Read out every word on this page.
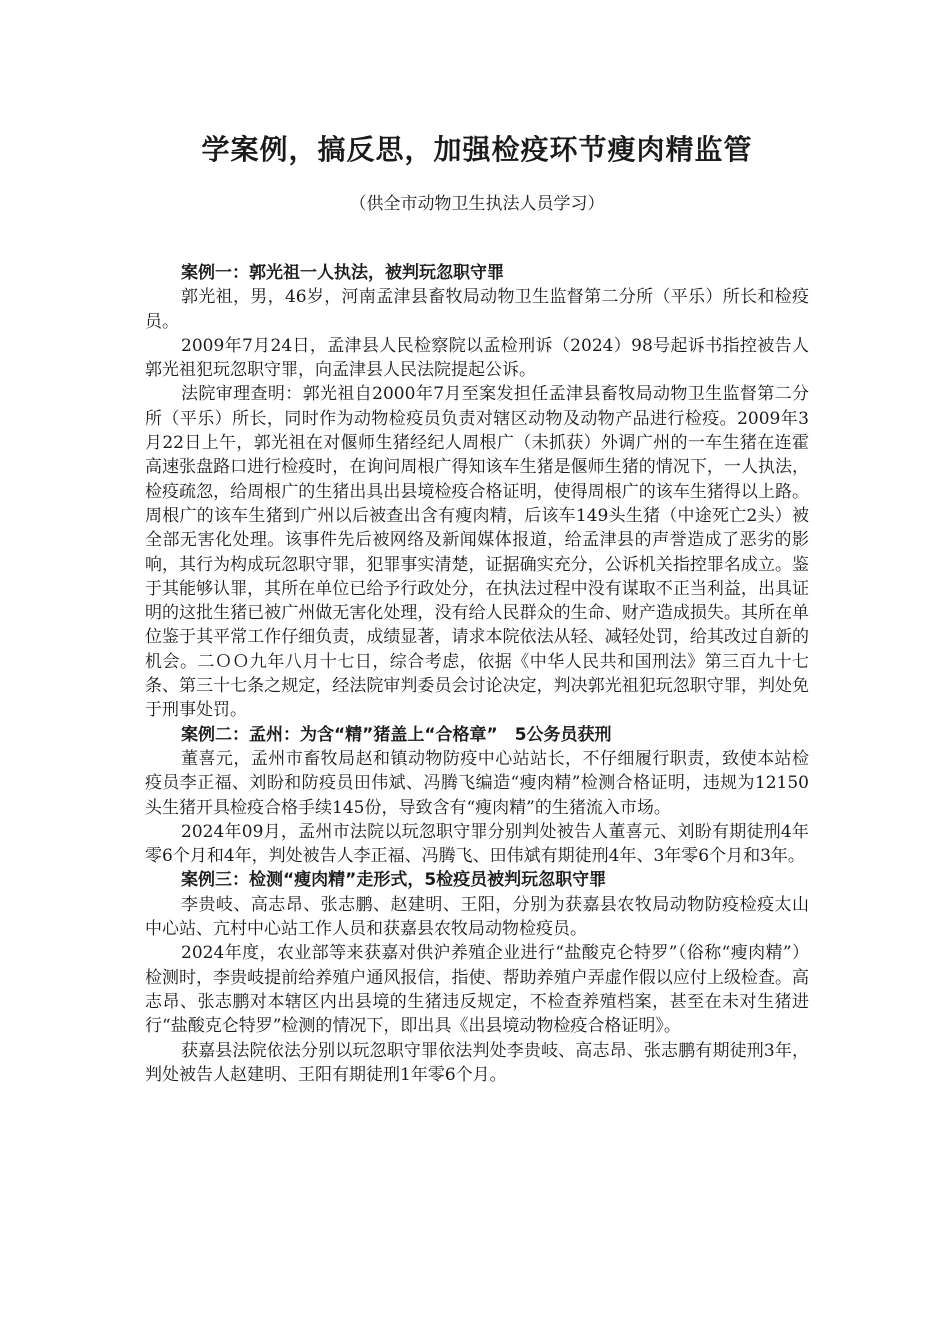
学案例，搞反思，加强检疫环节瘦肉精监管
（供全市动物卫生执法人员学习）
案例一：郭光祖一人执法，被判玩忽职守罪

郭光祖，男，46岁，河南孟津县畜牧局动物卫生监督第二分所（平乐）所长和检疫员。

2009年7月24日，孟津县人民检察院以孟检刑诉（2024）98号起诉书指控被告人郭光祖犯玩忽职守罪，向孟津县人民法院提起公诉。

法院审理查明：郭光祖自2000年7月至案发担任孟津县畜牧局动物卫生监督第二分所（平乐）所长，同时作为动物检疫员负责对辖区动物及动物产品进行检疫。2009年3月22日上午，郭光祖在对偃师生猪经纪人周根广（未抓获）外调广州的一车生猪在连霍高速张盘路口进行检疫时，在询问周根广得知该车生猪是偃师生猪的情况下，一人执法，检疫疏忽，给周根广的生猪出具出县境检疫合格证明，使得周根广的该车生猪得以上路。周根广的该车生猪到广州以后被查出含有瘦肉精，后该车149头生猪（中途死亡2头）被全部无害化处理。该事件先后被网络及新闻媒体报道，给孟津县的声誉造成了恶劣的影响，其行为构成玩忽职守罪，犯罪事实清楚，证据确实充分，公诉机关指控罪名成立。鉴于其能够认罪，其所在单位已给予行政处分，在执法过程中没有谋取不正当利益，出具证明的这批生猪已被广州做无害化处理，没有给人民群众的生命、财产造成损失。其所在单位鉴于其平常工作仔细负责，成绩显著，请求本院依法从轻、减轻处罚，给其改过自新的机会。二ＯＯ九年八月十七日，综合考虑，依据《中华人民共和国刑法》第三百九十七条、第三十七条之规定，经法院审判委员会讨论决定，判决郭光祖犯玩忽职守罪，判处免于刑事处罚。

案例二：孟州：为含“精”猪盖上“合格章”　5公务员获刑

董喜元，孟州市畜牧局赵和镇动物防疫中心站站长，不仔细履行职责，致使本站检疫员李正福、刘盼和防疫员田伟斌、冯腾飞编造“瘦肉精”检测合格证明，违规为12150头生猪开具检疫合格手续145份，导致含有“瘦肉精”的生猪流入市场。

2024年09月，孟州市法院以玩忽职守罪分别判处被告人董喜元、刘盼有期徒刑4年零6个月和4年，判处被告人李正福、冯腾飞、田伟斌有期徒刑4年、3年零6个月和3年。

案例三：检测“瘦肉精”走形式，5检疫员被判玩忽职守罪

李贵岐、高志昂、张志鹏、赵建明、王阳，分别为获嘉县农牧局动物防疫检疫太山中心站、亢村中心站工作人员和获嘉县农牧局动物检疫员。

2024年度，农业部等来获嘉对供沪养殖企业进行“盐酸克仑特罗”（俗称“瘦肉精”）检测时，李贵岐提前给养殖户通风报信，指使、帮助养殖户弄虚作假以应付上级检查。高志昂、张志鹏对本辖区内出县境的生猪违反规定，不检查养殖档案，甚至在未对生猪进行“盐酸克仑特罗”检测的情况下，即出具《出县境动物检疫合格证明》。

获嘉县法院依法分别以玩忽职守罪依法判处李贵岐、高志昂、张志鹏有期徒刑3年，判处被告人赵建明、王阳有期徒刑1年零6个月。
